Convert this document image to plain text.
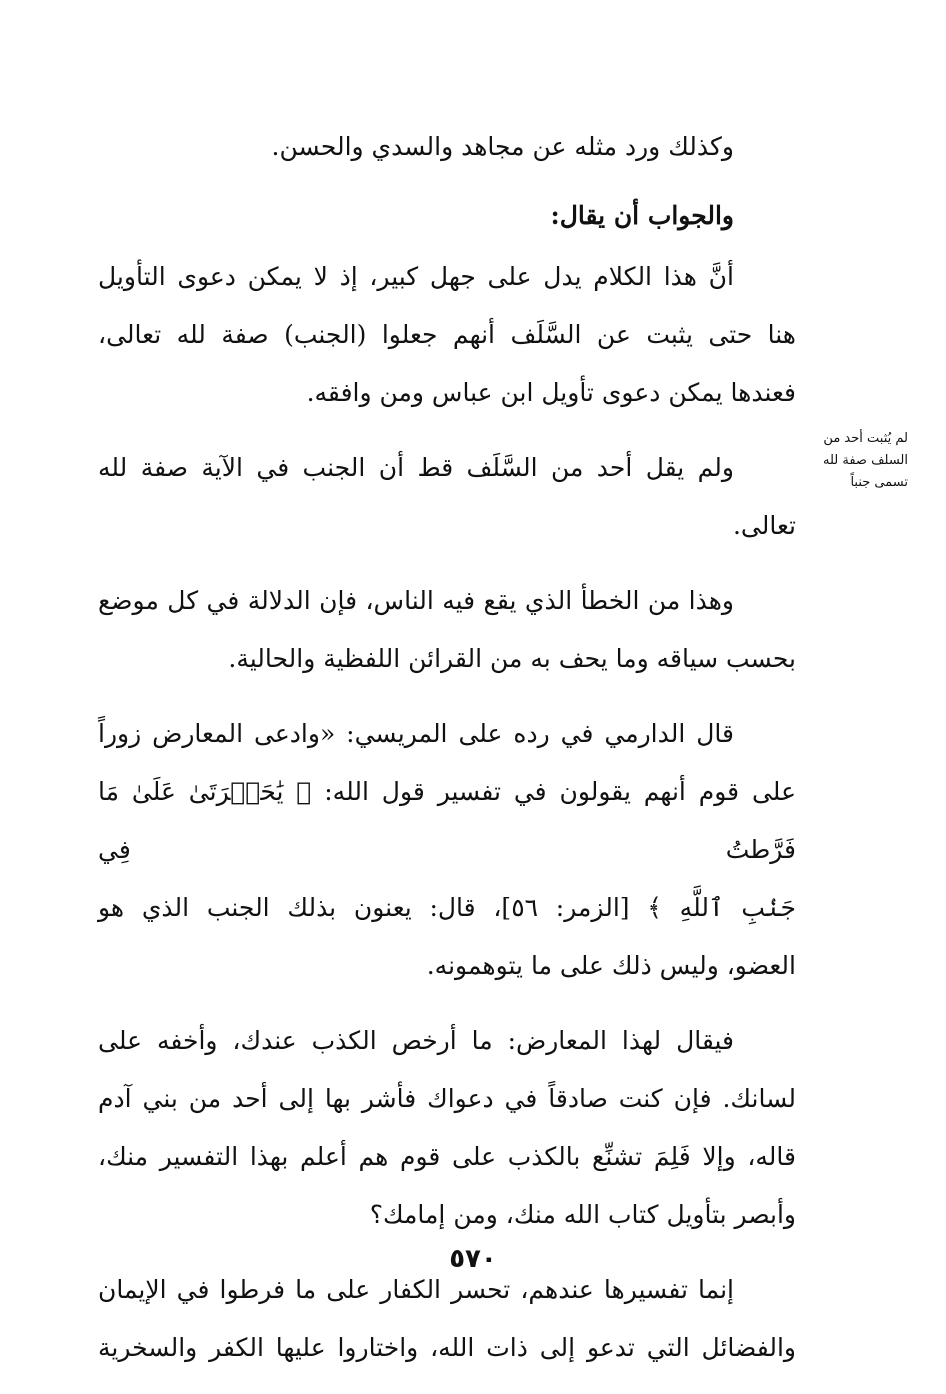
وكذلك ورد مثله عن مجاهد والسدي والحسن.

والجواب أن يقال:

أنَّ هذا الكلام يدل على جهل كبير، إذ لا يمكن دعوى التأويل
هنا حتى يثبت عن السَّلَف أنهم جعلوا (الجنب) صفة لله تعالى،
فعندها يمكن دعوى تأويل ابن عباس ومن وافقه.

ولم يقل أحد من السَّلَف قط أن الجنب في الآية صفة لله
تعالى.

وهذا من الخطأ الذي يقع فيه الناس، فإن الدلالة في كل موضع
بحسب سياقه وما يحف به من القرائن اللفظية والحالية.

قال الدارمي في رده على المريسي: «وادعى المعارض زوراً
على قوم أنهم يقولون في تفسير قول الله: ﴿ يَٰحَسۡرَتَىٰ عَلَىٰ مَا فَرَّطتُ فِي
جَنۢبِ ٱللَّهِ ﴾ [الزمر: ٥٦]، قال: يعنون بذلك الجنب الذي هو
العضو، وليس ذلك على ما يتوهمونه.

فيقال لهذا المعارض: ما أرخص الكذب عندك، وأخفه على
لسانك. فإن كنت صادقاً في دعواك فأشر بها إلى أحد من بني آدم
قاله، وإلا فَلِمَ تشنِّع بالكذب على قوم هم أعلم بهذا التفسير منك،
وأبصر بتأويل كتاب الله منك، ومن إمامك؟

إنما تفسيرها عندهم، تحسر الكفار على ما فرطوا في الإيمان
والفضائل التي تدعو إلى ذات الله، واختاروا عليها الكفر والسخرية

لم يُثبت أحد من
السلف صفة لله
تسمى جنباً
٥٧٠
